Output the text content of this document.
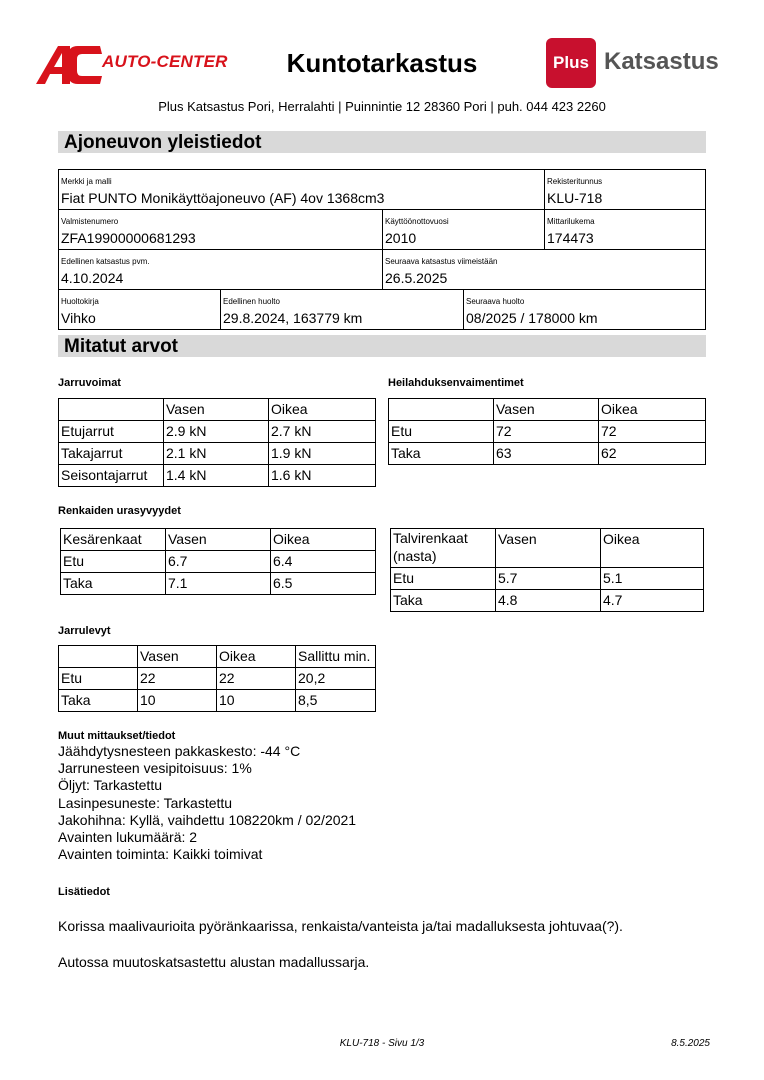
AUTO-CENTER	Kuntotarkastus	Plus Katsastus
Plus Katsastus Pori, Herralahti | Puinnintie 12 28360 Pori | puh. 044 423 2260
Ajoneuvon yleistiedot
Merkki ja malli
Fiat PUNTO Monikäyttöajoneuvo (AF) 4ov 1368cm3
Rekisteritunnus
KLU-718
Valmistenumero
ZFA19900000681293
Käyttöönottovuosi
2010
Mittarilukema
174473
Edellinen katsastus pvm.
4.10.2024
Seuraava katsastus viimeistään
26.5.2025
Huoltokirja
Vihko
Edellinen huolto
29.8.2024, 163779 km
Seuraava huolto
08/2025 / 178000 km
Mitatut arvot
Jarruvoimat	Heilahduksenvaimentimet
	Vasen	Oikea
Etujarrut	2.9 kN	2.7 kN
Takajarrut	2.1 kN	1.9 kN
Seisontajarrut	1.4 kN	1.6 kN
	Vasen	Oikea
Etu	72	72
Taka	63	62
Renkaiden urasyvyydet
Kesärenkaat	Vasen	Oikea
Etu	6.7	6.4
Taka	7.1	6.5
Talvirenkaat (nasta)	Vasen	Oikea
Etu	5.7	5.1
Taka	4.8	4.7
Jarrulevyt
	Vasen	Oikea	Sallittu min.
Etu	22	22	20,2
Taka	10	10	8,5
Muut mittaukset/tiedot
Jäähdytysnesteen pakkaskesto: -44 °C
Jarrunesteen vesipitoisuus: 1%
Öljyt: Tarkastettu
Lasinpesuneste: Tarkastettu
Jakohihna: Kyllä, vaihdettu 108220km / 02/2021
Avainten lukumäärä: 2
Avainten toiminta: Kaikki toimivat
Lisätiedot
Korissa maalivaurioita pyöränkaarissa, renkaista/vanteista ja/tai madalluksesta johtuvaa(?).
Autossa muutoskatsastettu alustan madallussarja.
KLU-718 - Sivu 1/3	8.5.2025
